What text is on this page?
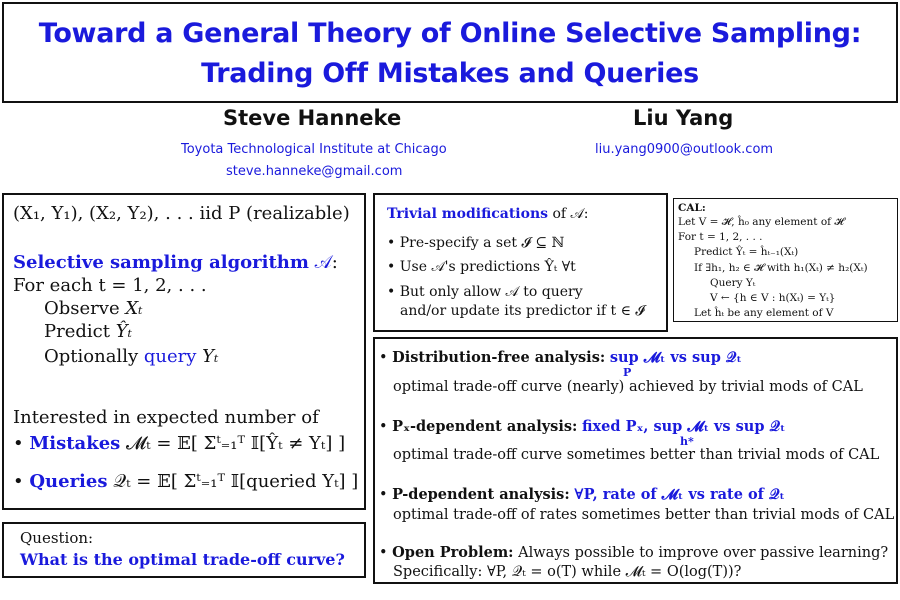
Toward a General Theory of Online Selective Sampling:
Trading Off Mistakes and Queries
Steve Hanneke	Liu Yang
Toyota Technological Institute at Chicago
steve.hanneke@gmail.com
liu.yang0900@outlook.com
(X₁, Y₁), (X₂, Y₂), . . . iid P (realizable)
Selective sampling algorithm 𝒜:
For each t = 1, 2, . . .
Observe Xₜ
Predict Ŷₜ
Optionally query Yₜ
Interested in expected number of
• Mistakes 𝓜ₜ = 𝔼[ Σᵗ₌₁ᵀ 𝕀[Ŷₜ ≠ Yₜ] ]
• Queries 𝒬ₜ = 𝔼[ Σᵗ₌₁ᵀ 𝕀[queried Yₜ] ]
Question:
What is the optimal trade-off curve?
Trivial modifications of 𝒜:
• Pre-specify a set 𝓘 ⊆ ℕ
• Use 𝒜's predictions Ŷₜ ∀t
• But only allow 𝒜 to query
and/or update its predictor if t ∈ 𝓘
CAL:
Let V = 𝓗, ĥ₀ any element of 𝓗
For t = 1, 2, . . .
Predict Ŷₜ = ĥₜ₋₁(Xₜ)
If ∃h₁, h₂ ∈ 𝓗 with h₁(Xₜ) ≠ h₂(Xₜ)
Query Yₜ
V ← {h ∈ V : h(Xₜ) = Yₜ}
Let ĥₜ be any element of V
• Distribution-free analysis: sup 𝓜ₜ vs sup 𝒬ₜ
P
optimal trade-off curve (nearly) achieved by trivial mods of CAL
• Pₓ-dependent analysis: fixed Pₓ, sup 𝓜ₜ vs sup 𝒬ₜ
h*
optimal trade-off curve sometimes better than trivial mods of CAL
• P-dependent analysis: ∀P, rate of 𝓜ₜ vs rate of 𝒬ₜ
optimal trade-off of rates sometimes better than trivial mods of CAL
• Open Problem: Always possible to improve over passive learning?
Specifically: ∀P, 𝒬ₜ = o(T) while 𝓜ₜ = O(log(T))?
